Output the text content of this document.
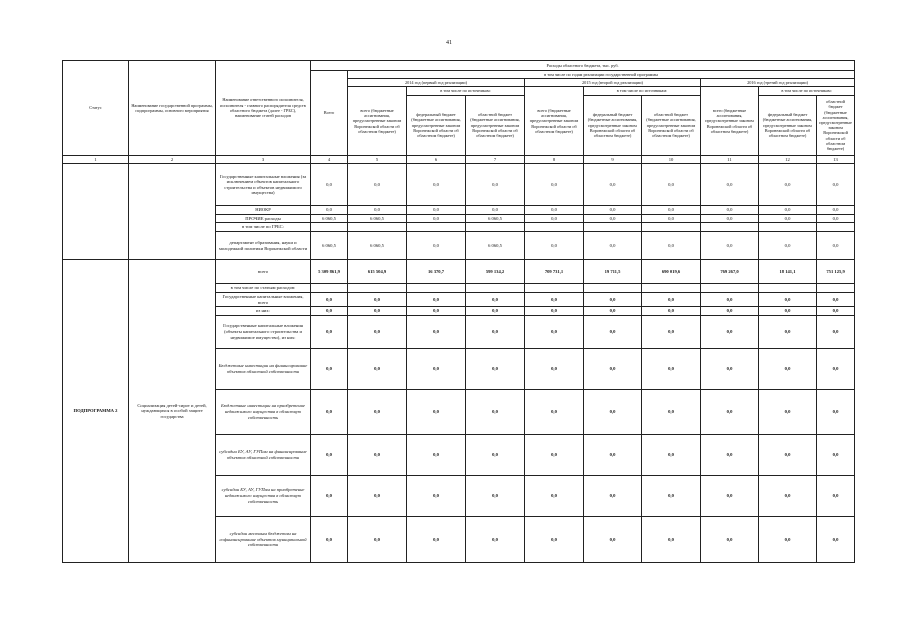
41
Статус	Наименование государственной программы, подпрограммы, основного мероприятия	Наименование ответственного исполнителя, исполнителя - главного распорядителя средств областного бюджета (далее - ГРБС), наименование статей расходов	Расходы областного бюджета, тыс. руб.									
			Всего	в том числе по годам реализации государственной программы								
				2014 год (первый год реализации)			2015 год (второй год реализации)			2016 год (третий год реализации)		
				всего (бюджетные ассигнования, предусмотренные законом Воронежской области об областном бюджете)	в том числе по источникам:		всего (бюджетные ассигнования, предусмотренные законом Воронежской области об областном бюджете)	в том числе по источникам:		всего (бюджетные ассигнования, предусмотренные законом Воронежской области об областном бюджете)	в том числе по источникам:	
					федеральный бюджет (бюджетные ассигнования, предусмотренные законом Воронежской области об областном бюджете)	областной бюджет (бюджетные ассигнования, предусмотренные законом Воронежской области об областном бюджете)		федеральный бюджет (бюджетные ассигнования, предусмотренные законом Воронежской области об областном бюджете)	областной бюджет (бюджетные ассигнования, предусмотренные законом Воронежской области об областном бюджете)		федеральный бюджет (бюджетные ассигнования, предусмотренные законом Воронежской области об областном бюджете)	областной бюджет (бюджетные ассигнования, предусмотренные законом Воронежской области об областном бюджете)
1	2	3	4	5	6	7	8	9	10	11	12	13
		Государственные капитальные вложения (за исключением объектов капитального строительства и объектов недвижимого имущества)	0,0	0,0	0,0	0,0	0,0	0,0	0,0	0,0	0,0	0,0
		НИОКР	0,0	0,0	0,0	0,0	0,0	0,0	0,0	0,0	0,0	0,0
		ПРОЧИЕ расходы	6 060,5	6 060,5	0,0	6 060,5	0,0	0,0	0,0	0,0	0,0	0,0
		в том числе по ГРБС:										
		департамент образования, науки и молодежной политики Воронежской области	6 060,5	6 060,5	0,0	6 060,5	0,0	0,0	0,0	0,0	0,0	0,0
ПОДПРОГРАММА 2	Социализация детей-сирот и детей, нуждающихся в особой защите государства	всего	5 309 861,9	615 504,9	16 370,7	599 134,2	709 731,1	19 711,5	690 019,6	769 267,0	18 141,1	751 125,9
		в том числе по статьям расходов:										
		Государственные капитальные вложения, всего	0,0	0,0	0,0	0,0	0,0	0,0	0,0	0,0	0,0	0,0
		из них:	0,0	0,0	0,0	0,0	0,0	0,0	0,0	0,0	0,0	0,0
		Государственные капитальные вложения (объекты капитального строительства и недвижимое имущество), из них:	0,0	0,0	0,0	0,0	0,0	0,0	0,0	0,0	0,0	0,0
		Бюджетные инвестиции на финансирование объектов областной собственности	0,0	0,0	0,0	0,0	0,0	0,0	0,0	0,0	0,0	0,0
		Бюджетные инвестиции на приобретение недвижимого имущества в областную собственность	0,0	0,0	0,0	0,0	0,0	0,0	0,0	0,0	0,0	0,0
		субсидии БУ, АУ, ГУПам на финансирование объектов областной собственности	0,0	0,0	0,0	0,0	0,0	0,0	0,0	0,0	0,0	0,0
		субсидии БУ, АУ, ГУПам на приобретение недвижимого имущества в областную собственность	0,0	0,0	0,0	0,0	0,0	0,0	0,0	0,0	0,0	0,0
		субсидии местным бюджетам на софинансирование объектов муниципальной собственности	0,0	0,0	0,0	0,0	0,0	0,0	0,0	0,0	0,0	0,0
